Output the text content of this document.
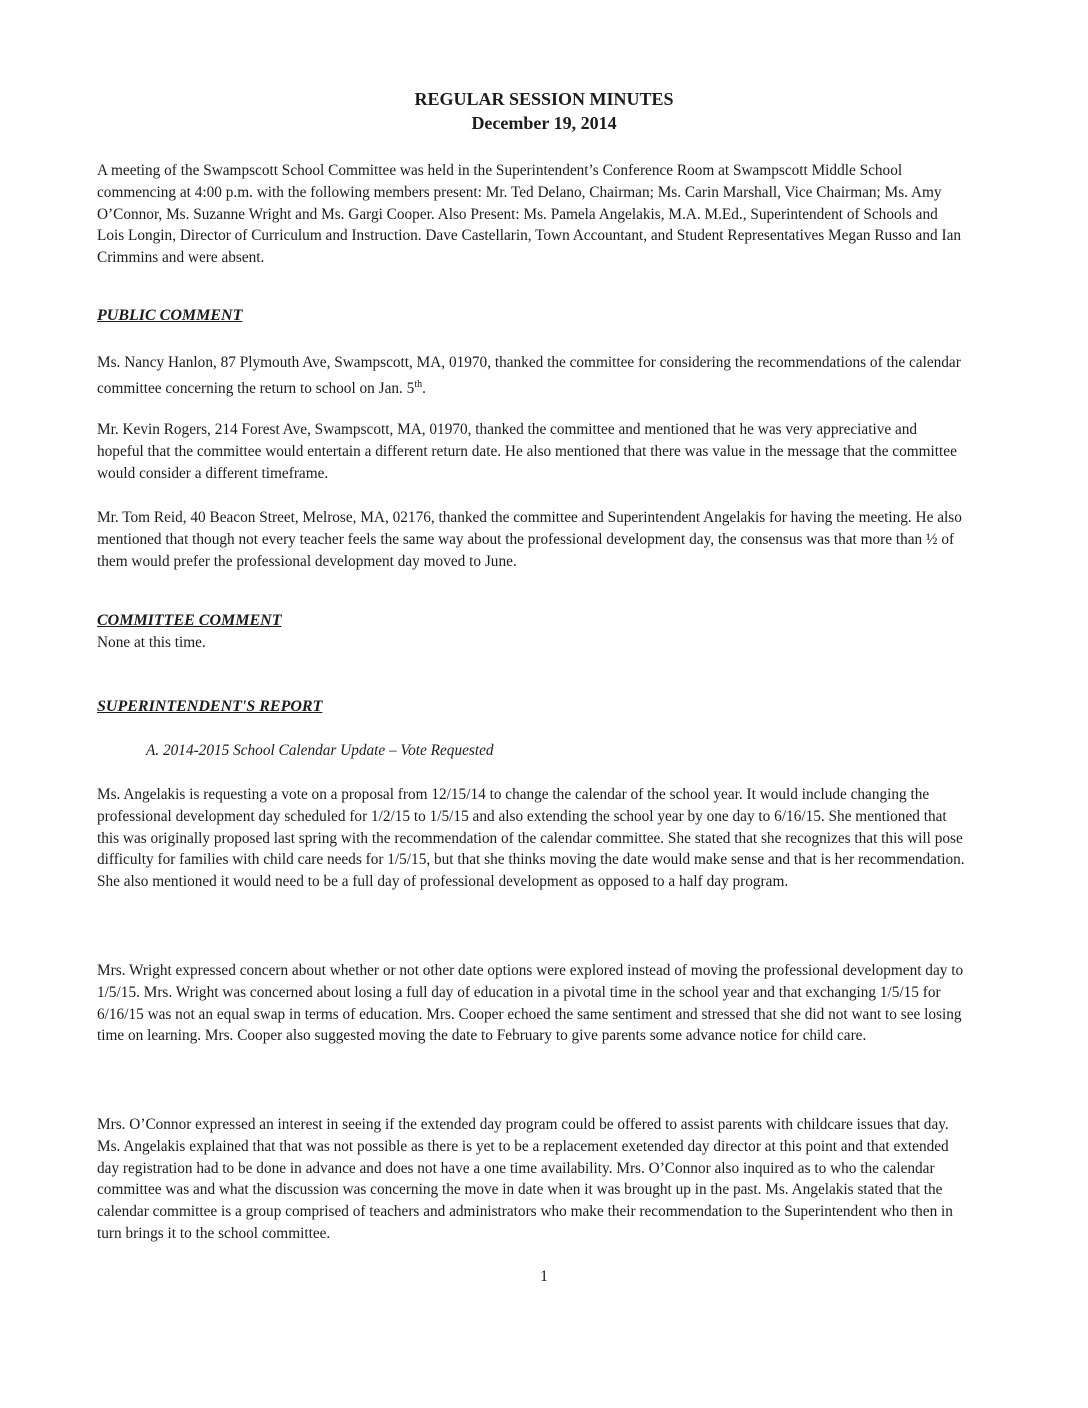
REGULAR SESSION MINUTES
December 19, 2014

A meeting of the Swampscott School Committee was held in the Superintendent’s Conference Room at Swampscott Middle School commencing at 4:00 p.m. with the following members present: Mr. Ted Delano, Chairman; Ms. Carin Marshall, Vice Chairman; Ms. Amy O’Connor, Ms. Suzanne Wright and Ms. Gargi Cooper. Also Present: Ms. Pamela Angelakis, M.A. M.Ed., Superintendent of Schools and Lois Longin, Director of Curriculum and Instruction. Dave Castellarin, Town Accountant, and Student Representatives Megan Russo and Ian Crimmins and were absent.

PUBLIC COMMENT

Ms. Nancy Hanlon, 87 Plymouth Ave, Swampscott, MA, 01970, thanked the committee for considering the recommendations of the calendar committee concerning the return to school on Jan. 5th.

Mr. Kevin Rogers, 214 Forest Ave, Swampscott, MA, 01970, thanked the committee and mentioned that he was very appreciative and hopeful that the committee would entertain a different return date. He also mentioned that there was value in the message that the committee would consider a different timeframe.

Mr. Tom Reid, 40 Beacon Street, Melrose, MA, 02176, thanked the committee and Superintendent Angelakis for having the meeting. He also mentioned that though not every teacher feels the same way about the professional development day, the consensus was that more than ½ of them would prefer the professional development day moved to June.

COMMITTEE COMMENT

None at this time.

SUPERINTENDENT'S REPORT
A. 2014-2015 School Calendar Update – Vote Requested

Ms. Angelakis is requesting a vote on a proposal from 12/15/14 to change the calendar of the school year. It would include changing the professional development day scheduled for 1/2/15 to 1/5/15 and also extending the school year by one day to 6/16/15. She mentioned that this was originally proposed last spring with the recommendation of the calendar committee. She stated that she recognizes that this will pose difficulty for families with child care needs for 1/5/15, but that she thinks moving the date would make sense and that is her recommendation. She also mentioned it would need to be a full day of professional development as opposed to a half day program.

Mrs. Wright expressed concern about whether or not other date options were explored instead of moving the professional development day to 1/5/15. Mrs. Wright was concerned about losing a full day of education in a pivotal time in the school year and that exchanging 1/5/15 for 6/16/15 was not an equal swap in terms of education. Mrs. Cooper echoed the same sentiment and stressed that she did not want to see losing time on learning. Mrs. Cooper also suggested moving the date to February to give parents some advance notice for child care.

Mrs. O’Connor expressed an interest in seeing if the extended day program could be offered to assist parents with childcare issues that day. Ms. Angelakis explained that that was not possible as there is yet to be a replacement exetended day director at this point and that extended day registration had to be done in advance and does not have a one time availability. Mrs. O’Connor also inquired as to who the calendar committee was and what the discussion was concerning the move in date when it was brought up in the past. Ms. Angelakis stated that the calendar committee is a group comprised of teachers and administrators who make their recommendation to the Superintendent who then in turn brings it to the school committee.

1
